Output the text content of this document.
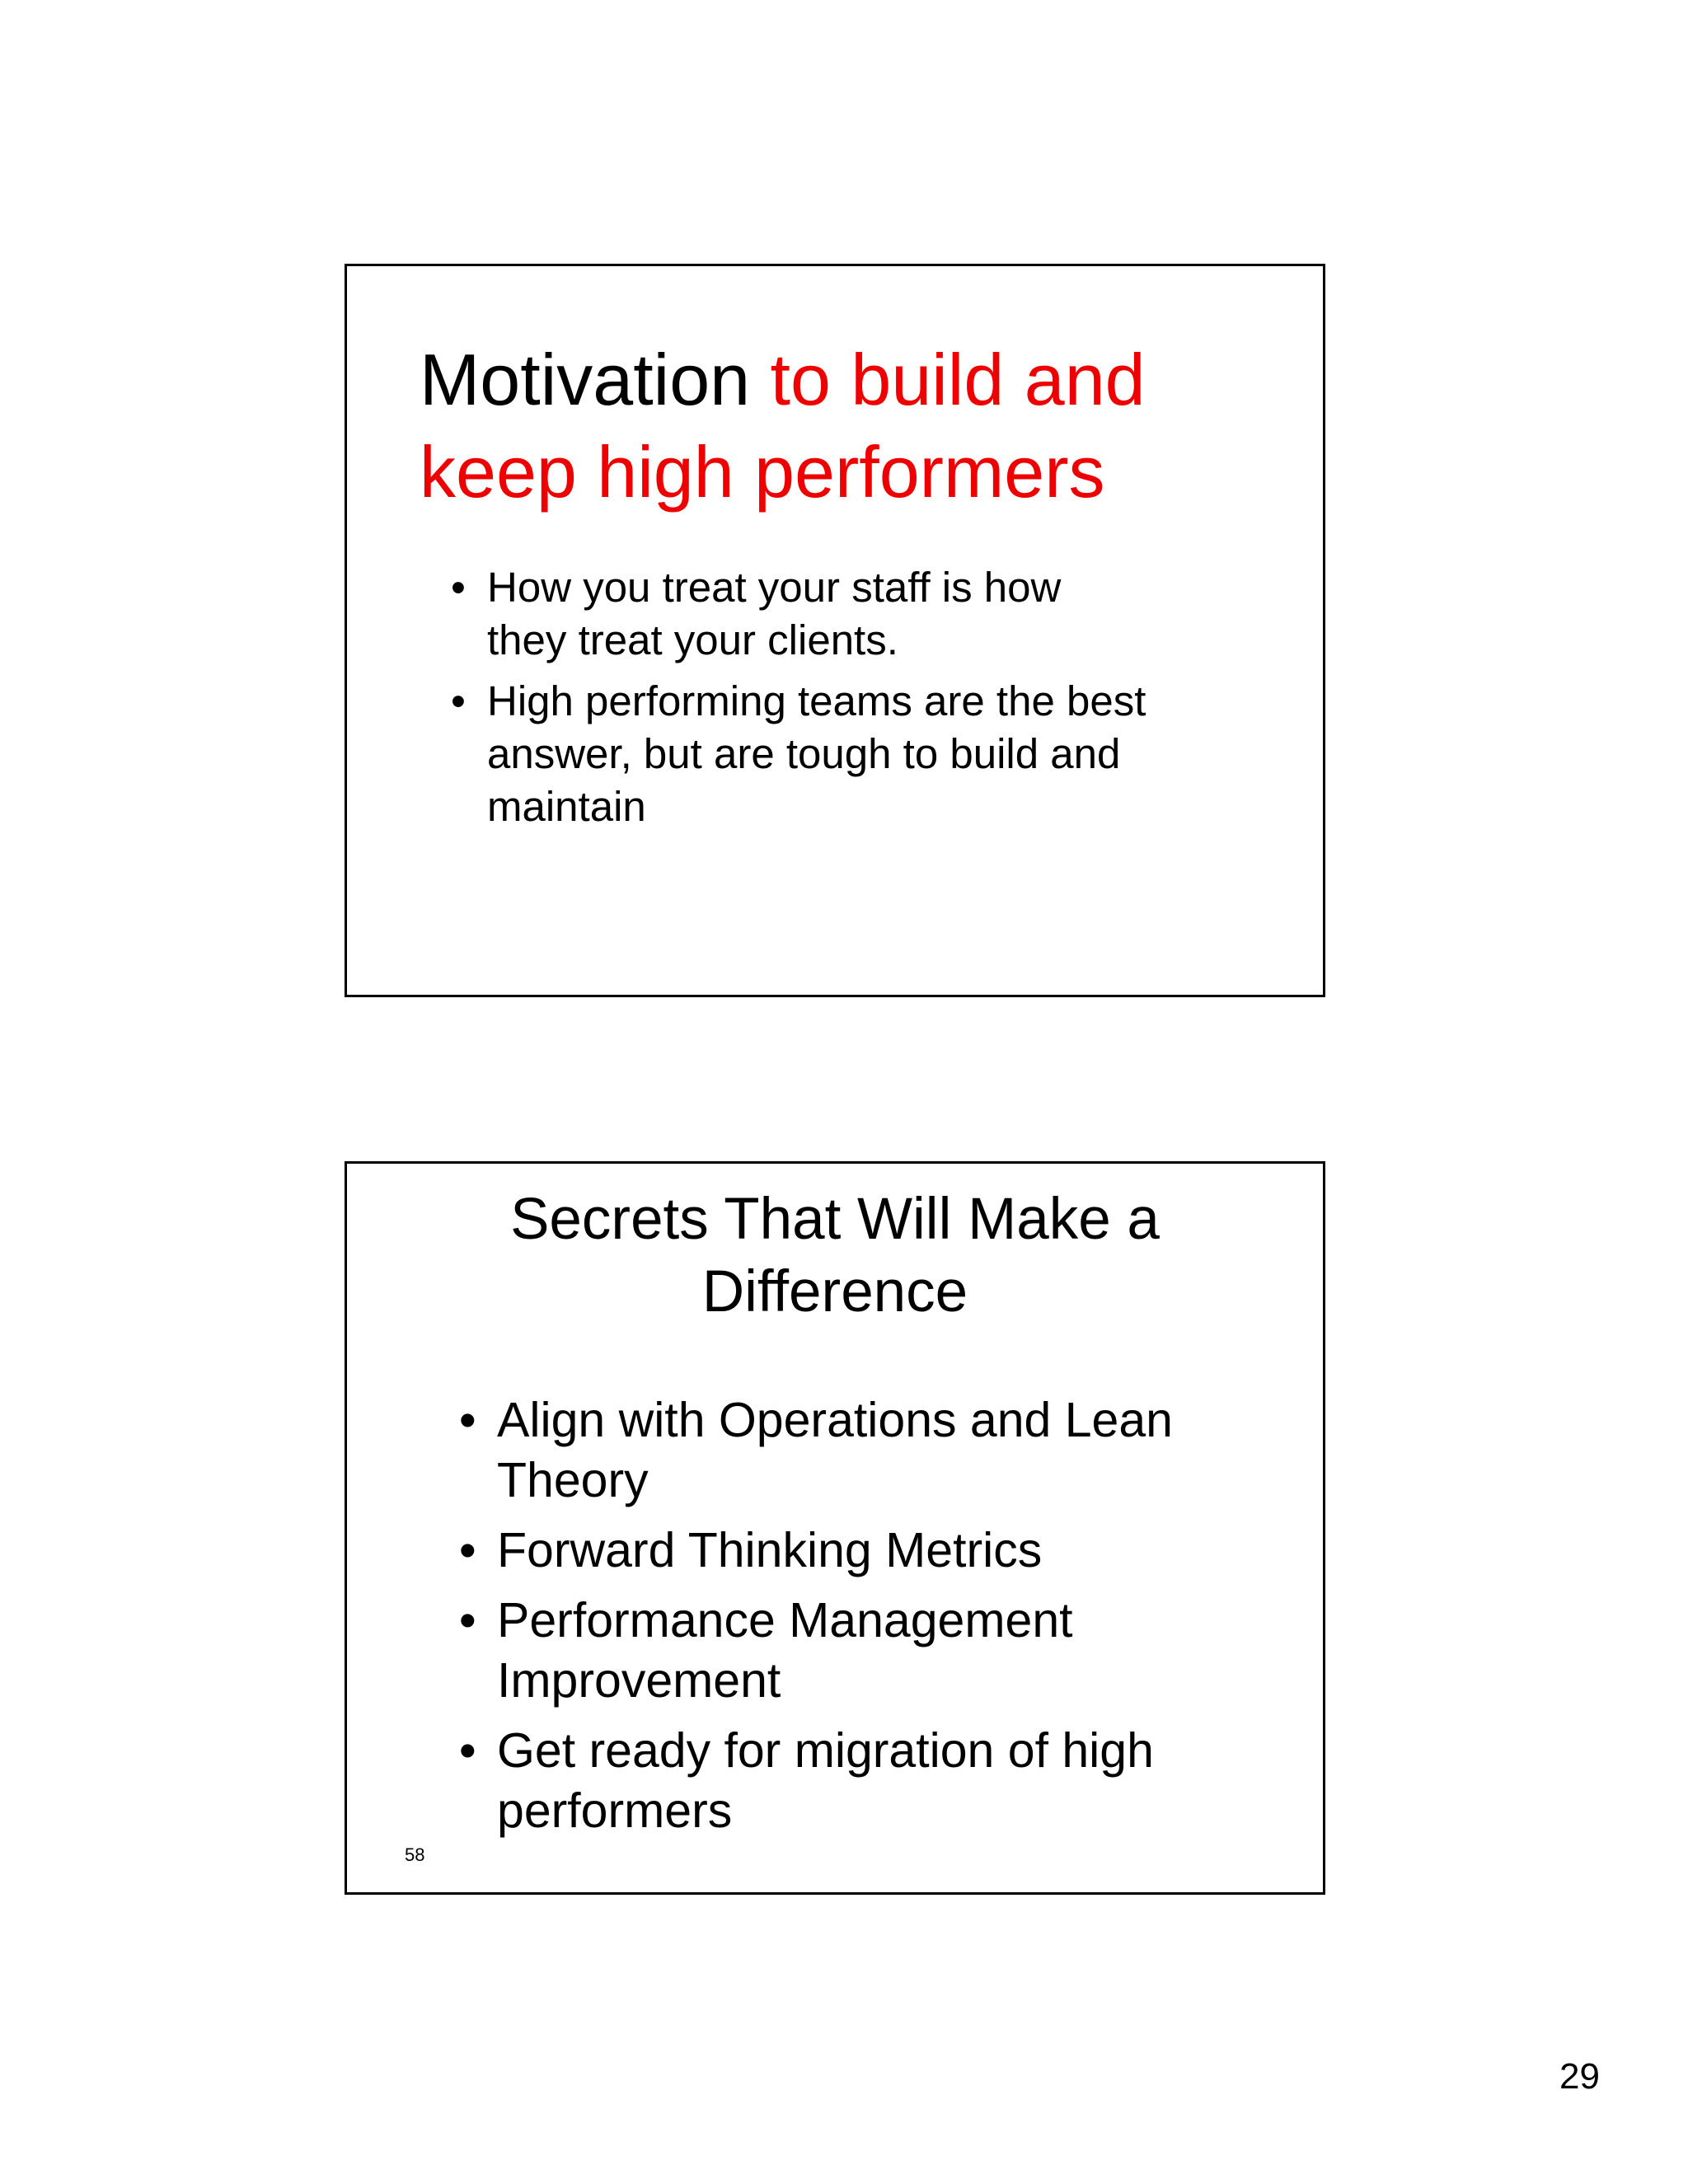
Motivation to build and
keep high performers
• How you treat your staff is how
they treat your clients.
• High performing teams are the best
answer, but are tough to build and
maintain
Secrets That Will Make a
Difference
• Align with Operations and Lean
Theory
• Forward Thinking Metrics
• Performance Management
Improvement
• Get ready for migration of high
performers
58
29
